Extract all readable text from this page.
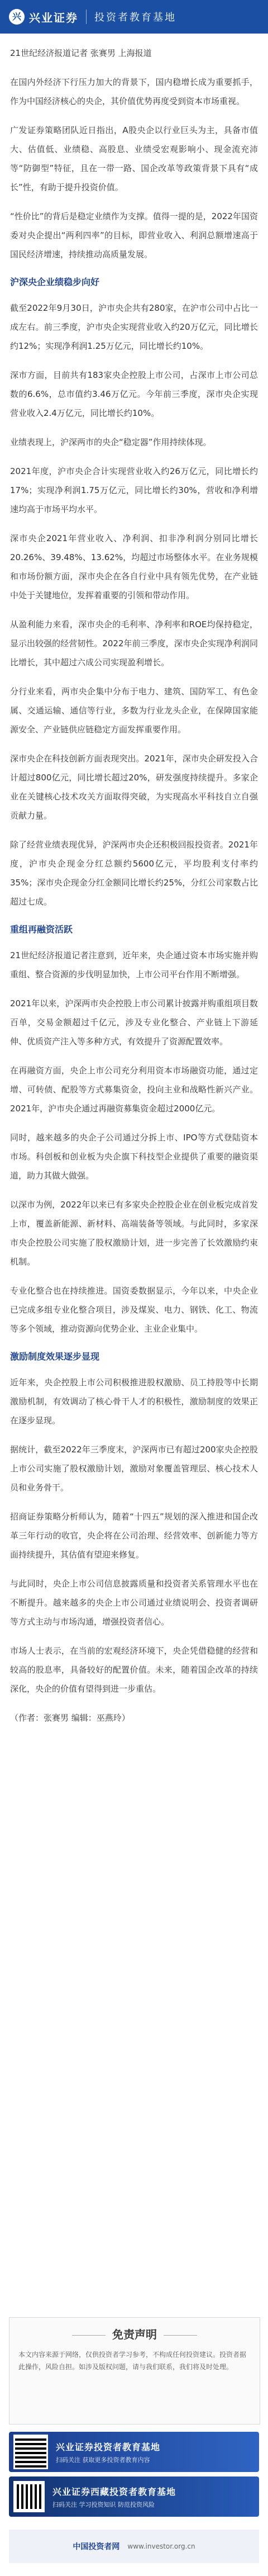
兴 兴业证券 投资者教育基地

21世纪经济报道记者 张赛男 上海报道

在国内外经济下行压力加大的背景下，国内稳增长成为重要抓手，作为中国经济核心的央企，其价值优势再度受到资本市场重视。

广发证券策略团队近日指出，A股央企以行业巨头为主，具备市值大、估值低、业绩稳、高股息、业绩受宏观影响小、现金流充沛等“防御型”特征，且在一带一路、国企改革等政策背景下具有“成长”性，有助于提升投资价值。

“性价比”的背后是稳定业绩作为支撑。值得一提的是，2022年国资委对央企提出“两利四率”的目标，即营业收入、利润总额增速高于国民经济增速，持续推动高质量发展。

沪深央企业绩稳步向好

截至2022年9月30日，沪市央企共有280家，在沪市公司中占比一成左右。前三季度，沪市央企实现营业收入约20万亿元，同比增长约12%；实现净利润1.25万亿元，同比增长约10%。

深市方面，目前共有183家央企控股上市公司，占深市上市公司总数的6.6%，总市值约3.46万亿元。今年前三季度，深市央企实现营业收入2.4万亿元，同比增长约10%。

业绩表现上，沪深两市的央企“稳定器”作用持续体现。

2021年度，沪市央企合计实现营业收入约26万亿元，同比增长约17%；实现净利润1.75万亿元，同比增长约30%，营收和净利增速均高于市场平均水平。

深市央企2021年营业收入、净利润、扣非净利润分别同比增长20.26%、39.48%、13.62%，均超过市场整体水平。在业务规模和市场份额方面，深市央企在各自行业中具有领先优势，在产业链中处于关键地位，发挥着重要的引领和带动作用。

从盈利能力来看，深市央企的毛利率、净利率和ROE均保持稳定，显示出较强的经营韧性。2022年前三季度，深市央企实现净利润同比增长，其中超过六成公司实现盈利增长。

分行业来看，两市央企集中分布于电力、建筑、国防军工、有色金属、交通运输、通信等行业，多数为行业龙头企业，在保障国家能源安全、产业链供应链稳定方面发挥重要作用。

深市央企在科技创新方面表现突出。2021年，深市央企研发投入合计超过800亿元，同比增长超过20%，研发强度持续提升。多家企业在关键核心技术攻关方面取得突破，为实现高水平科技自立自强贡献力量。

除了经营业绩表现优异，沪深两市央企还积极回报投资者。2021年度，沪市央企现金分红总额约5600亿元，平均股利支付率约35%；深市央企现金分红金额同比增长约25%，分红公司家数占比超过七成。

重组再融资活跃

21世纪经济报道记者注意到，近年来，央企通过资本市场实施并购重组、整合资源的步伐明显加快，上市公司平台作用不断增强。

2021年以来，沪深两市央企控股上市公司累计披露并购重组项目数百单，交易金额超过千亿元，涉及专业化整合、产业链上下游延伸、优质资产注入等多种方式，有效提升了资源配置效率。

在再融资方面，央企上市公司充分利用资本市场融资功能，通过定增、可转债、配股等方式募集资金，投向主业和战略性新兴产业。2021年，沪市央企通过再融资募集资金超过2000亿元。

同时，越来越多的央企子公司通过分拆上市、IPO等方式登陆资本市场。科创板和创业板为央企旗下科技型企业提供了重要的融资渠道，助力其做大做强。

以深市为例，2022年以来已有多家央企控股企业在创业板完成首发上市，覆盖新能源、新材料、高端装备等领域。与此同时，多家深市央企控股公司实施了股权激励计划，进一步完善了长效激励约束机制。

专业化整合也在持续推进。国资委数据显示，今年以来，中央企业已完成多组专业化整合项目，涉及煤炭、电力、钢铁、化工、物流等多个领域，推动资源向优势企业、主业企业集中。

激励制度效果逐步显现

近年来，央企控股上市公司积极推进股权激励、员工持股等中长期激励机制，有效调动了核心骨干人才的积极性，激励制度的效果正在逐步显现。

据统计，截至2022年三季度末，沪深两市已有超过200家央企控股上市公司实施了股权激励计划，激励对象覆盖管理层、核心技术人员和业务骨干。

招商证券策略分析师认为，随着“十四五”规划的深入推进和国企改革三年行动的收官，央企将在公司治理、经营效率、创新能力等方面持续提升，其估值有望迎来修复。

与此同时，央企上市公司信息披露质量和投资者关系管理水平也在不断提升。越来越多的央企上市公司通过业绩说明会、投资者调研等方式主动与市场沟通，增强投资者信心。

市场人士表示，在当前的宏观经济环境下，央企凭借稳健的经营和较高的股息率，具备较好的配置价值。未来，随着国企改革的持续深化，央企的价值有望得到进一步重估。

（作者：张赛男 编辑：巫燕玲）

免责声明
本文内容来源于网络，仅供投资者学习参考，不构成任何投资建议。投资者据此操作，风险自担。如涉及版权问题，请与我们联系，我们将及时处理。
兴业证券投资者教育基地
扫码关注 获取更多投资者教育内容
兴业证券西藏投资者教育基地
扫码关注 学习投资知识 防范投资风险
中国投资者网 www.investor.org.cn
